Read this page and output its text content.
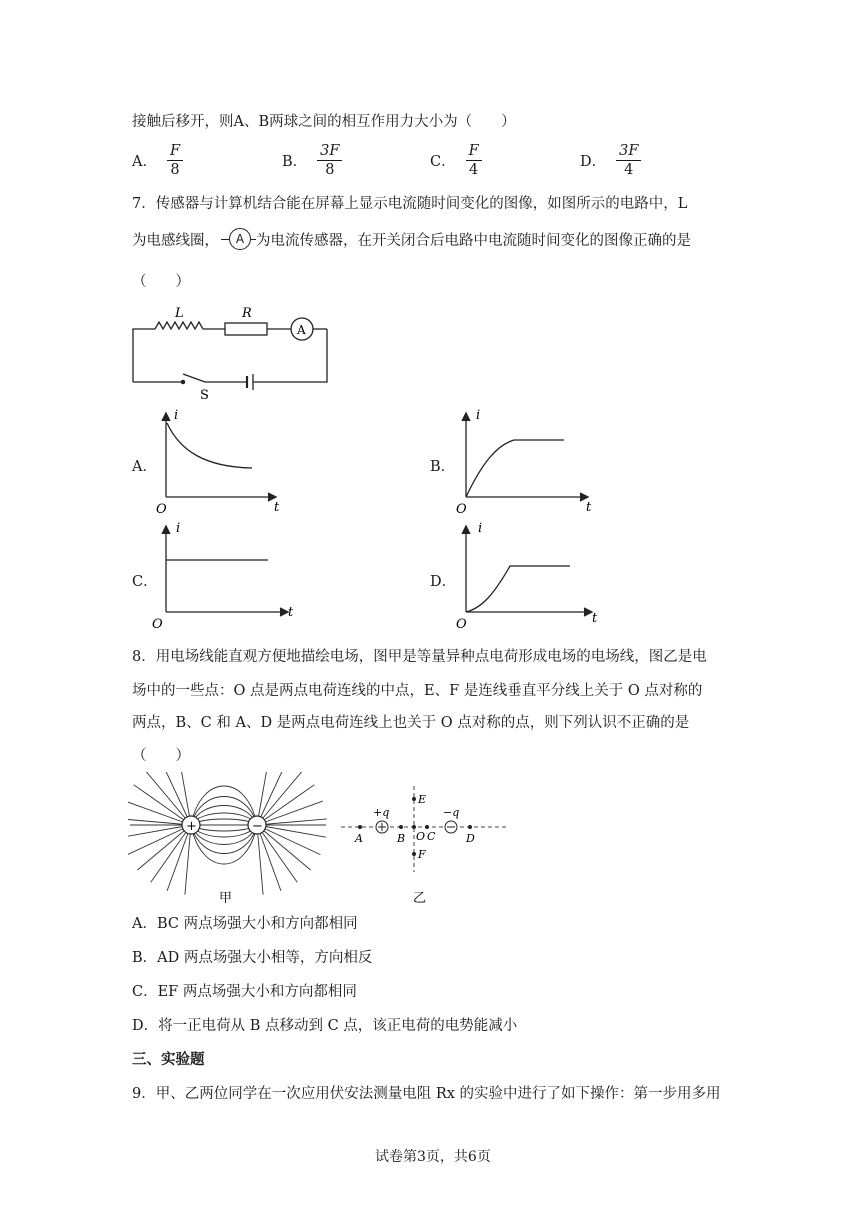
接触后移开，则A、B两球之间的相互作用力大小为（　　）
A． $\frac{F}{8}$	B． $\frac{3F}{8}$	C． $\frac{F}{4}$	D． $\frac{3F}{4}$
7．传感器与计算机结合能在屏幕上显示电流随时间变化的图像，如图所示的电路中，L
为电感线圈，	A 为电流传感器，在开关闭合后电路中电流随时间变化的图像正确的是
（　　）
L	R
A
S
A．
i
t
O
B．
i
t
O
C．
i
t
O
D．
i
t
O
8．用电场线能直观方便地描绘电场，图甲是等量异种点电荷形成电场的电场线，图乙是电
场中的一些点：O 点是两点电荷连线的中点，E、F 是连线垂直平分线上关于 O 点对称的
两点，B、C 和 A、D 是两点电荷连线上也关于 O 点对称的点，则下列认识不正确的是
（　　）
+	−
甲
+q	−q
A	B O C	D
E
F
乙
A．BC 两点场强大小和方向都相同
B．AD 两点场强大小相等，方向相反
C．EF 两点场强大小和方向都相同
D．将一正电荷从 B 点移动到 C 点，该正电荷的电势能减小
三、实验题
9．甲、乙两位同学在一次应用伏安法测量电阻 Rx 的实验中进行了如下操作：第一步用多用
试卷第3页，共6页
